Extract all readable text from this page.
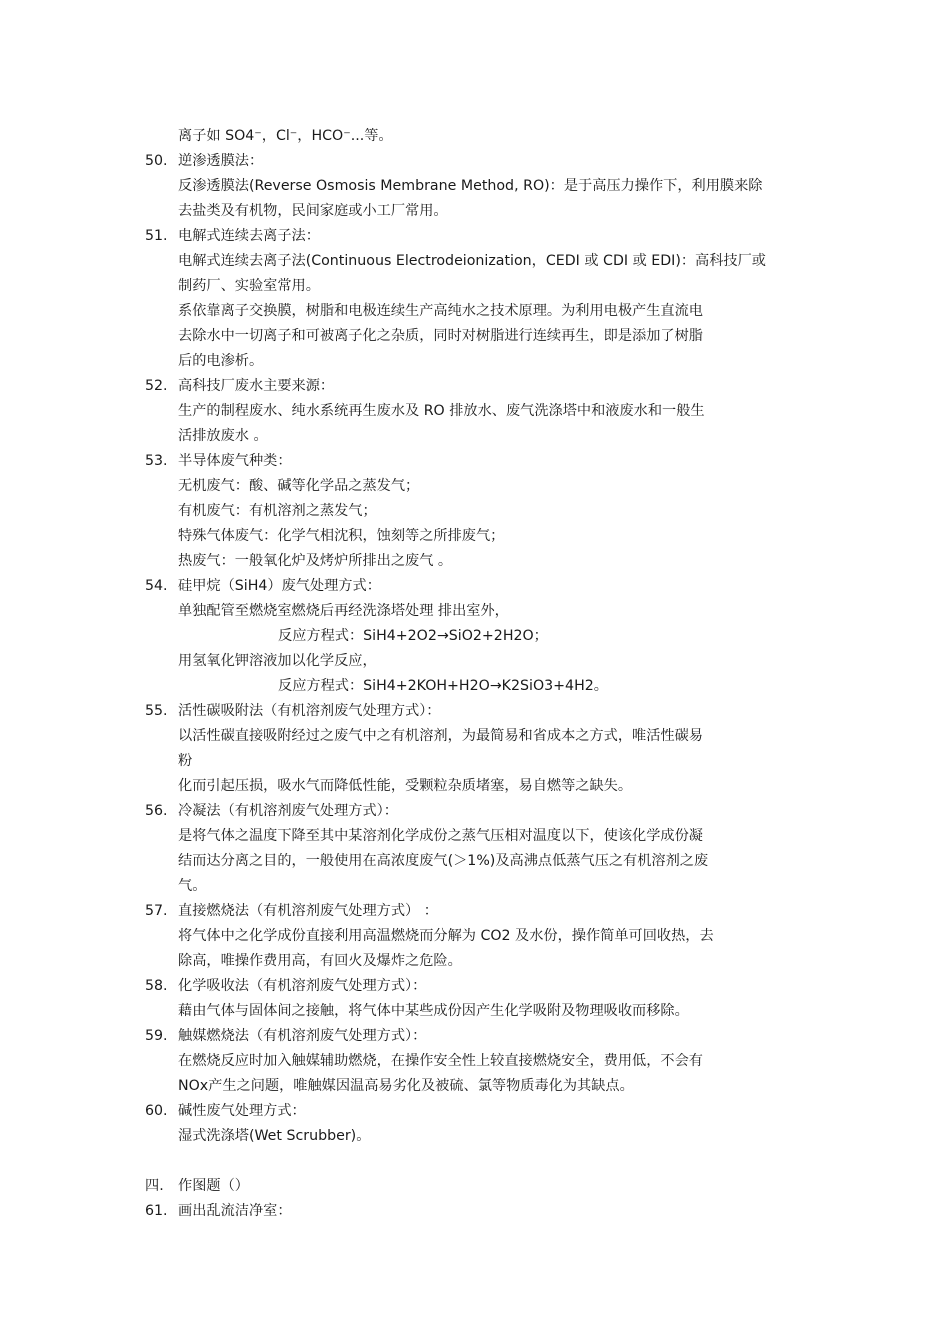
离子如 SO4⁻，Cl⁻，HCO⁻...等。
50. 逆渗透膜法：
反渗透膜法(Reverse Osmosis Membrane Method, RO)：是于高压力操作下，利用膜来除
去盐类及有机物，民间家庭或小工厂常用。
51. 电解式连续去离子法：
电解式连续去离子法(Continuous Electrodeionization，CEDI 或 CDI 或 EDI)：高科技厂或
制药厂、实验室常用。
系依靠离子交换膜，树脂和电极连续生产高纯水之技术原理。为利用电极产生直流电
去除水中一切离子和可被离子化之杂质，同时对树脂进行连续再生，即是添加了树脂
后的电渗析。
52. 高科技厂废水主要来源：
生产的制程废水、纯水系统再生废水及 RO 排放水、废气洗涤塔中和液废水和一般生
活排放废水 。
53. 半导体废气种类：
无机废气：酸、碱等化学品之蒸发气；
有机废气：有机溶剂之蒸发气；
特殊气体废气：化学气相沈积，蚀刻等之所排废气；
热废气：一般氧化炉及烤炉所排出之废气 。
54. 硅甲烷（SiH4）废气处理方式：
单独配管至燃烧室燃烧后再经洗涤塔处理 排出室外，
反应方程式：SiH4+2O2→SiO2+2H2O；
用氢氧化钾溶液加以化学反应，
反应方程式：SiH4+2KOH+H2O→K2SiO3+4H2。
55. 活性碳吸附法（有机溶剂废气处理方式）：
以活性碳直接吸附经过之废气中之有机溶剂，为最简易和省成本之方式，唯活性碳易
粉
化而引起压损，吸水气而降低性能，受颗粒杂质堵塞，易自燃等之缺失。
56. 冷凝法（有机溶剂废气处理方式）：
是将气体之温度下降至其中某溶剂化学成份之蒸气压相对温度以下，使该化学成份凝
结而达分离之目的，一般使用在高浓度废气(＞1%)及高沸点低蒸气压之有机溶剂之废
气。
57. 直接燃烧法（有机溶剂废气处理方式） ：
将气体中之化学成份直接利用高温燃烧而分解为 CO2 及水份，操作简单可回收热，去
除高，唯操作费用高，有回火及爆炸之危险。
58. 化学吸收法（有机溶剂废气处理方式）：
藉由气体与固体间之接触，将气体中某些成份因产生化学吸附及物理吸收而移除。
59. 触媒燃烧法（有机溶剂废气处理方式）：
在燃烧反应时加入触媒辅助燃烧，在操作安全性上较直接燃烧安全，费用低，不会有
NOx产生之问题，唯触媒因温高易劣化及被硫、氯等物质毒化为其缺点。
60. 碱性废气处理方式：
湿式洗涤塔(Wet Scrubber)。
四.	作图题（）
61. 画出乱流洁净室：
